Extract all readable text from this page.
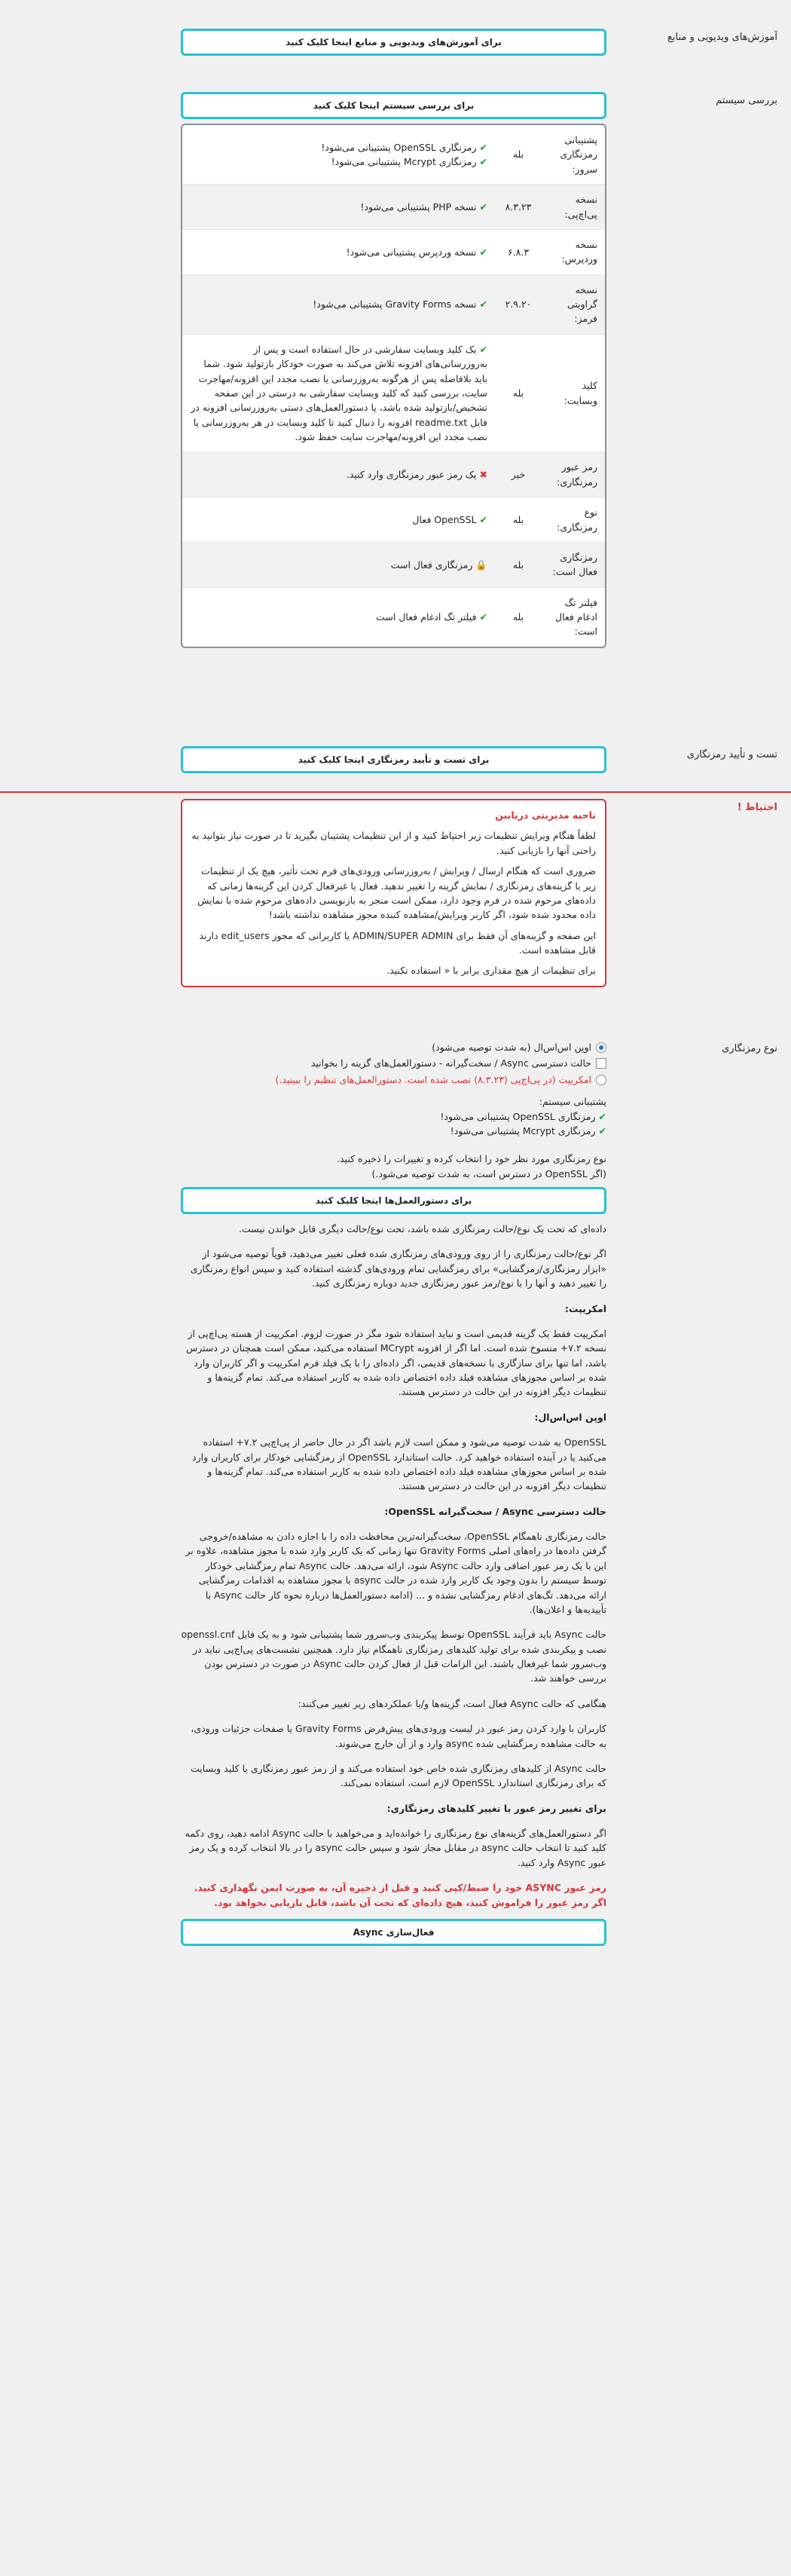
آموزش‌های ویدیویی و منابع
برای آموزش‌های ویدیویی و منابع اینجا کلیک کنید
بررسی سیستم
برای بررسی سیستم اینجا کلیک کنید
پشتیبانی رمزنگاری سرور:	بله	✔رمزنگاری OpenSSL پشتیبانی می‌شود!
✔رمزنگاری Mcrypt پشتیبانی می‌شود!

نسخه پی‌اچ‌پی:	۸.۳.۲۳	✔نسخه PHP پشتیبانی می‌شود!

نسخه وردپرس:	۶.۸.۳	✔نسخه وردپرس پشتیبانی می‌شود!

نسخه گراویتی فرمز:	۲.۹.۲۰	✔نسخه Gravity Forms پشتیبانی می‌شود!

کلید وبسایت:	بله	✔یک کلید وبسایت سفارشی در حال استفاده است و پس از به‌روزرسانی‌های افزونه تلاش می‌کند به صورت خودکار بازتولید شود. شما باید بلافاصله پس از هرگونه به‌روزرسانی یا نصب مجدد این افزونه/مهاجرت سایت، بررسی کنید که کلید وبسایت سفارشی به درستی در این صفحه تشخیص/بازتولید شده باشد، یا دستورالعمل‌های دستی به‌روزرسانی افزونه در فایل readme.txt افزونه را دنبال کنید تا کلید وبسایت در هر به‌روزرسانی یا نصب مجدد این افزونه/مهاجرت سایت حفظ شود.

رمز عبور رمزنگاری:	خیر	✖یک رمز عبور رمزنگاری وارد کنید.

نوع رمزنگاری:	بله	✔OpenSSL فعال

رمزنگاری فعال است:	بله	🔒رمزنگاری فعال است

فیلتر تگ ادغام فعال است:	بله	✔فیلتر تگ ادغام فعال است
تست و تأیید رمزنگاری
برای تست و تأیید رمزنگاری اینجا کلیک کنید
احتیاط !

ناحیه مدیریتی دریایین

لطفاً هنگام ویرایش تنظیمات زیر احتیاط کنید و از این تنظیمات پشتیبان بگیرید تا در صورت نیاز بتوانید به راحتی آنها را بازیابی کنید.

ضروری است که هنگام ارسال / ویرایش / به‌روزرسانی ورودی‌های فرم تحت تأثیر، هیچ یک از تنظیمات زیر یا گزینه‌های رمزنگاری / نمایش گزینه را تغییر ندهید. فعال یا غیرفعال کردن این گزینه‌ها زمانی که داده‌های مرحوم شده در فرم وجود دارد، ممکن است منجر به بازنویسی داده‌های مرحوم شده با نمایش داده محدود شده شود، اگر کاربر ویرایش/مشاهده کننده مجوز مشاهده نداشته باشد!

این صفحه و گزینه‌های آن فقط برای ADMIN/SUPER ADMIN یا کاربرانی که مجوز edit_users دارند قابل مشاهده است.

برای تنظیمات از هیچ مقداری برابر با « استفاده نکنید.

نوع رمزنگاری
اوپن اس‌اس‌ال (به شدت توصیه می‌شود)
حالت دسترسی Async / سخت‌گیرانه - دستورالعمل‌های گزینه را بخوانید
امکریپت (در پی‌اچ‌پی (۸.۳.۲۳) نصب شده است. دستورالعمل‌های تنظیم را ببینید.)
پشتیبانی سیستم:
✔رمزنگاری OpenSSL پشتیبانی می‌شود!
✔رمزنگاری Mcrypt پشتیبانی می‌شود!
نوع رمزنگاری مورد نظر خود را انتخاب کرده و تغییرات را ذخیره کنید.
(اگر OpenSSL در دسترس است، به شدت توصیه می‌شود.)
برای دستورالعمل‌ها اینجا کلیک کنید

داده‌ای که تحت یک نوع/حالت رمزنگاری شده باشد، تحت نوع/حالت دیگری قابل خواندن نیست.

اگر نوع/حالت رمزنگاری را از روی ورودی‌های رمزنگاری شده فعلی تغییر می‌دهید، قویاً توصیه می‌شود از «ابزار رمزنگاری/رمزگشایی» برای رمزگشایی تمام ورودی‌های گذشته استفاده کنید و سپس انواع رمزنگاری را تغییر دهید و آنها را با نوع/رمز عبور رمزنگاری جدید دوباره رمزنگاری کنید.

امکریپت:

امکریپت فقط یک گزینه قدیمی است و نباید استفاده شود مگر در صورت لزوم. امکریپت از هسته پی‌اچ‌پی از نسخه ۷.۲+ منسوخ شده است. اما اگر از افزونه MCrypt استفاده می‌کنید، ممکن است همچنان در دسترس باشد، اما تنها برای سازگاری با نسخه‌های قدیمی، اگر داده‌ای را با یک فیلد فرم امکریپت و اگر کاربران وارد شده بر اساس مجوزهای مشاهده فیلد داده اختصاص داده شده به کاربر استفاده می‌کند. تمام گزینه‌ها و تنظیمات دیگر افزونه در این حالت در دسترس هستند.

اوپن اس‌اس‌ال:

OpenSSL به شدت توصیه می‌شود و ممکن است لازم باشد اگر در حال حاضر از پی‌اچ‌پی ۷.۲+ استفاده می‌کنید یا در آینده استفاده خواهید کرد. حالت استاندارد OpenSSL از رمزگشایی خودکار برای کاربران وارد شده بر اساس مجوزهای مشاهده فیلد داده اختصاص داده شده به کاربر استفاده می‌کند. تمام گزینه‌ها و تنظیمات دیگر افزونه در این حالت در دسترس هستند.

حالت دسترسی Async / سخت‌گیرانه OpenSSL:

حالت رمزنگاری ناهمگام OpenSSL، سخت‌گیرانه‌ترین محافظت داده را با اجازه دادن به مشاهده/خروجی گرفتن داده‌ها در راه‌های اصلی Gravity Forms تنها زمانی که یک کاربر وارد شده با مجوز مشاهده، علاوه بر این با یک رمز عبور اضافی وارد حالت Async شود، ارائه می‌دهد. حالت Async تمام رمزگشایی خودکار توسط سیستم را بدون وجود یک کاربر وارد شده در حالت async با مجوز مشاهده به اقدامات رمزگشایی ارائه می‌دهد. تگ‌های ادغام رمزگشایی نشده و ... (ادامه دستورالعمل‌ها درباره نحوه کار حالت Async با تأییدیه‌ها و اعلان‌ها).

حالت Async باید فرآیند OpenSSL توسط پیکربندی وب‌سرور شما پشتیبانی شود و به یک فایل openssl.cnf نصب و پیکربندی شده برای تولید کلیدهای رمزنگاری ناهمگام نیاز دارد. همچنین نشست‌های پی‌اچ‌پی نباید در وب‌سرور شما غیرفعال باشند. این الزامات قبل از فعال کردن حالت Async در صورت در دسترس بودن بررسی خواهند شد.

هنگامی که حالت Async فعال است، گزینه‌ها و/یا عملکردهای زیر تغییر می‌کنند:

کاربران با وارد کردن رمز عبور در لیست ورودی‌های پیش‌فرض Gravity Forms یا صفحات جزئیات ورودی، به حالت مشاهده رمزگشایی شده async وارد و از آن خارج می‌شوند.

حالت Async از کلیدهای رمزنگاری شده خاص خود استفاده می‌کند و از رمز عبور رمزنگاری یا کلید وبسایت که برای رمزنگاری استاندارد OpenSSL لازم است، استفاده نمی‌کند.

برای تغییر رمز عبور یا تغییر کلیدهای رمزنگاری:

اگر دستورالعمل‌های گزینه‌های نوع رمزنگاری را خوانده‌اید و می‌خواهید با حالت Async ادامه دهید، روی دکمه کلید کنید تا انتخاب حالت async در مقابل مجاز شود و سپس حالت async را در بالا انتخاب کرده و یک رمز عبور Async وارد کنید.

رمز عبور ASYNC خود را ضبط/کپی کنید و قبل از ذخیره آن، به صورت ایمن نگهداری کنید. اگر رمز عبور را فراموش کنید، هیچ داده‌ای که تحت آن باشد، قابل بازیابی نخواهد بود.
فعال‌سازی Async
